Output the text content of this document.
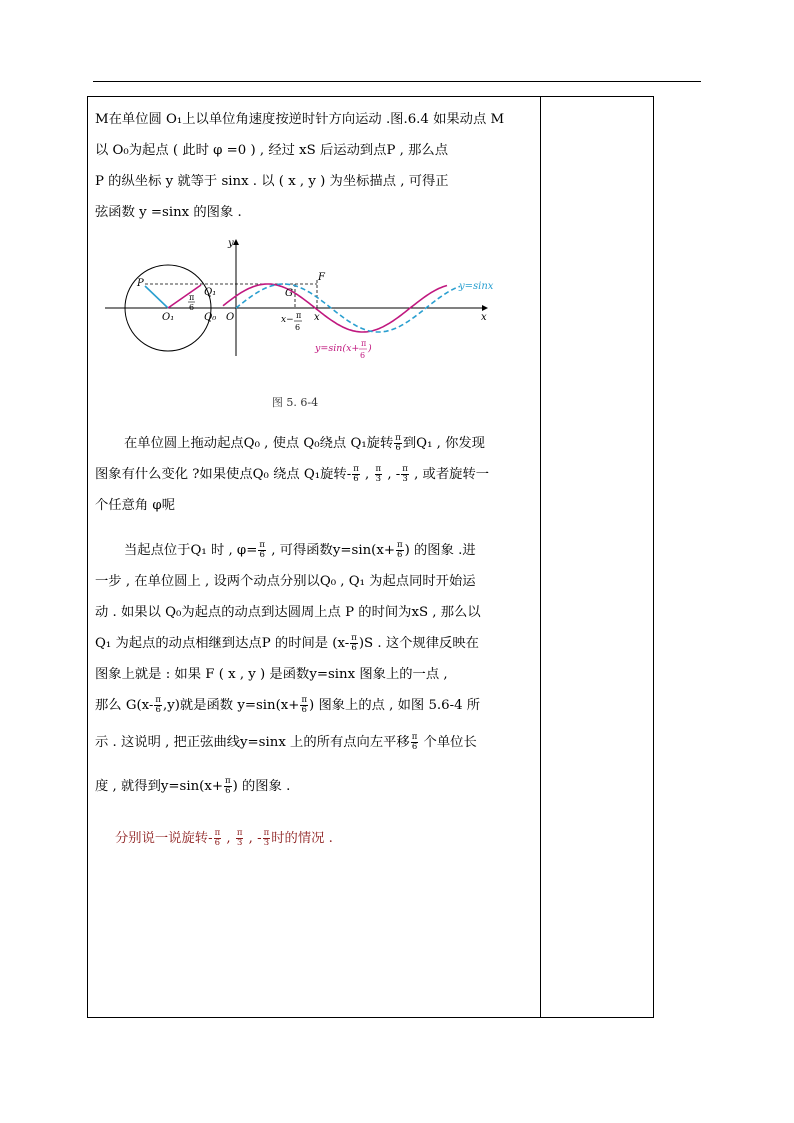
M在单位圆 O₁上以单位角速度按逆时针方向运动 .图.6.4 如果动点 M

以 O₀为起点 ( 此时 φ =0 ) , 经过 xS 后运动到点P , 那么点

P 的纵坐标 y 就等于 sinx . 以 ( x , y ) 为坐标描点 , 可得正

弦函数 y =sinx 的图象 .

P
Q₁
Q₀
O₁	O
G
F
x	x
y
π
6
x− π
6
y=sinx
y=sin(x+ π
6
)
图 5. 6-4

在单位圆上拖动起点Q₀ , 使点 Q₀绕点 Q₁旋转 $\frac{\pi}{6}$ 到Q₁ , 你发现

图象有什么变化 ?如果使点Q₀ 绕点 Q₁旋转- $\frac{\pi}{6}$ , $\frac{\pi}{3}$ , - $\frac{\pi}{3}$ , 或者旋转一

个任意角 φ呢

当起点位于Q₁ 时 , $\varphi= \frac{\pi}{6}$ , 可得函数$y=\sin(x+ \frac{\pi}{6}$ ) 的图象 .进

一步 , 在单位圆上 , 设两个动点分别以Q₀ , Q₁ 为起点同时开始运

动 . 如果以 Q₀为起点的动点到达圆周上点 P 的时间为xS , 那么以

Q₁ 为起点的动点相继到达点P 的时间是 $(x- \frac{\pi}{6} )S$ . 这个规律反映在

图象上就是 : 如果 F ( x , y ) 是函数y=sinx 图象上的一点 ,

那么 $G(x- \frac{\pi}{6} ,y)$就是函数 $y=\sin(x+ \frac{\pi}{6}$ ) 图象上的点 , 如图 5.6-4 所

示 . 这说明 , 把正弦曲线y=sinx 上的所有点向左平移 $\frac{\pi}{6}$ 个单位长

度 , 就得到$y=\sin(x+ \frac{\pi}{6}$ ) 的图象 .

分别说一说旋转- $\frac{\pi}{6}$ , $\frac{\pi}{3}$ , - $\frac{\pi}{3}$ 时的情况 .
